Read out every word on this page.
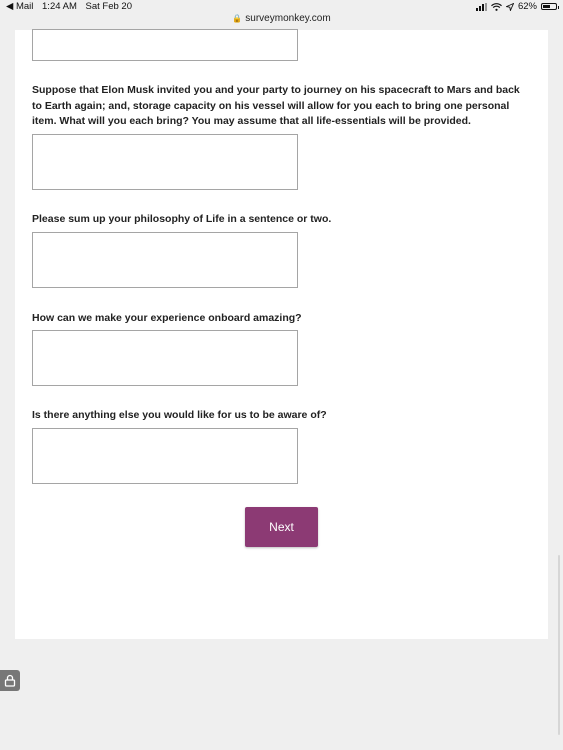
◀ Mail 1:24 AM Sat Feb 20	62%
🔒 surveymonkey.com
Suppose that Elon Musk invited you and your party to journey on his spacecraft to Mars and back to Earth again; and, storage capacity on his vessel will allow for you each to bring one personal item. What will you each bring? You may assume that all life-essentials will be provided.
Please sum up your philosophy of Life in a sentence or two.
How can we make your experience onboard amazing?
Is there anything else you would like for us to be aware of?
Next
